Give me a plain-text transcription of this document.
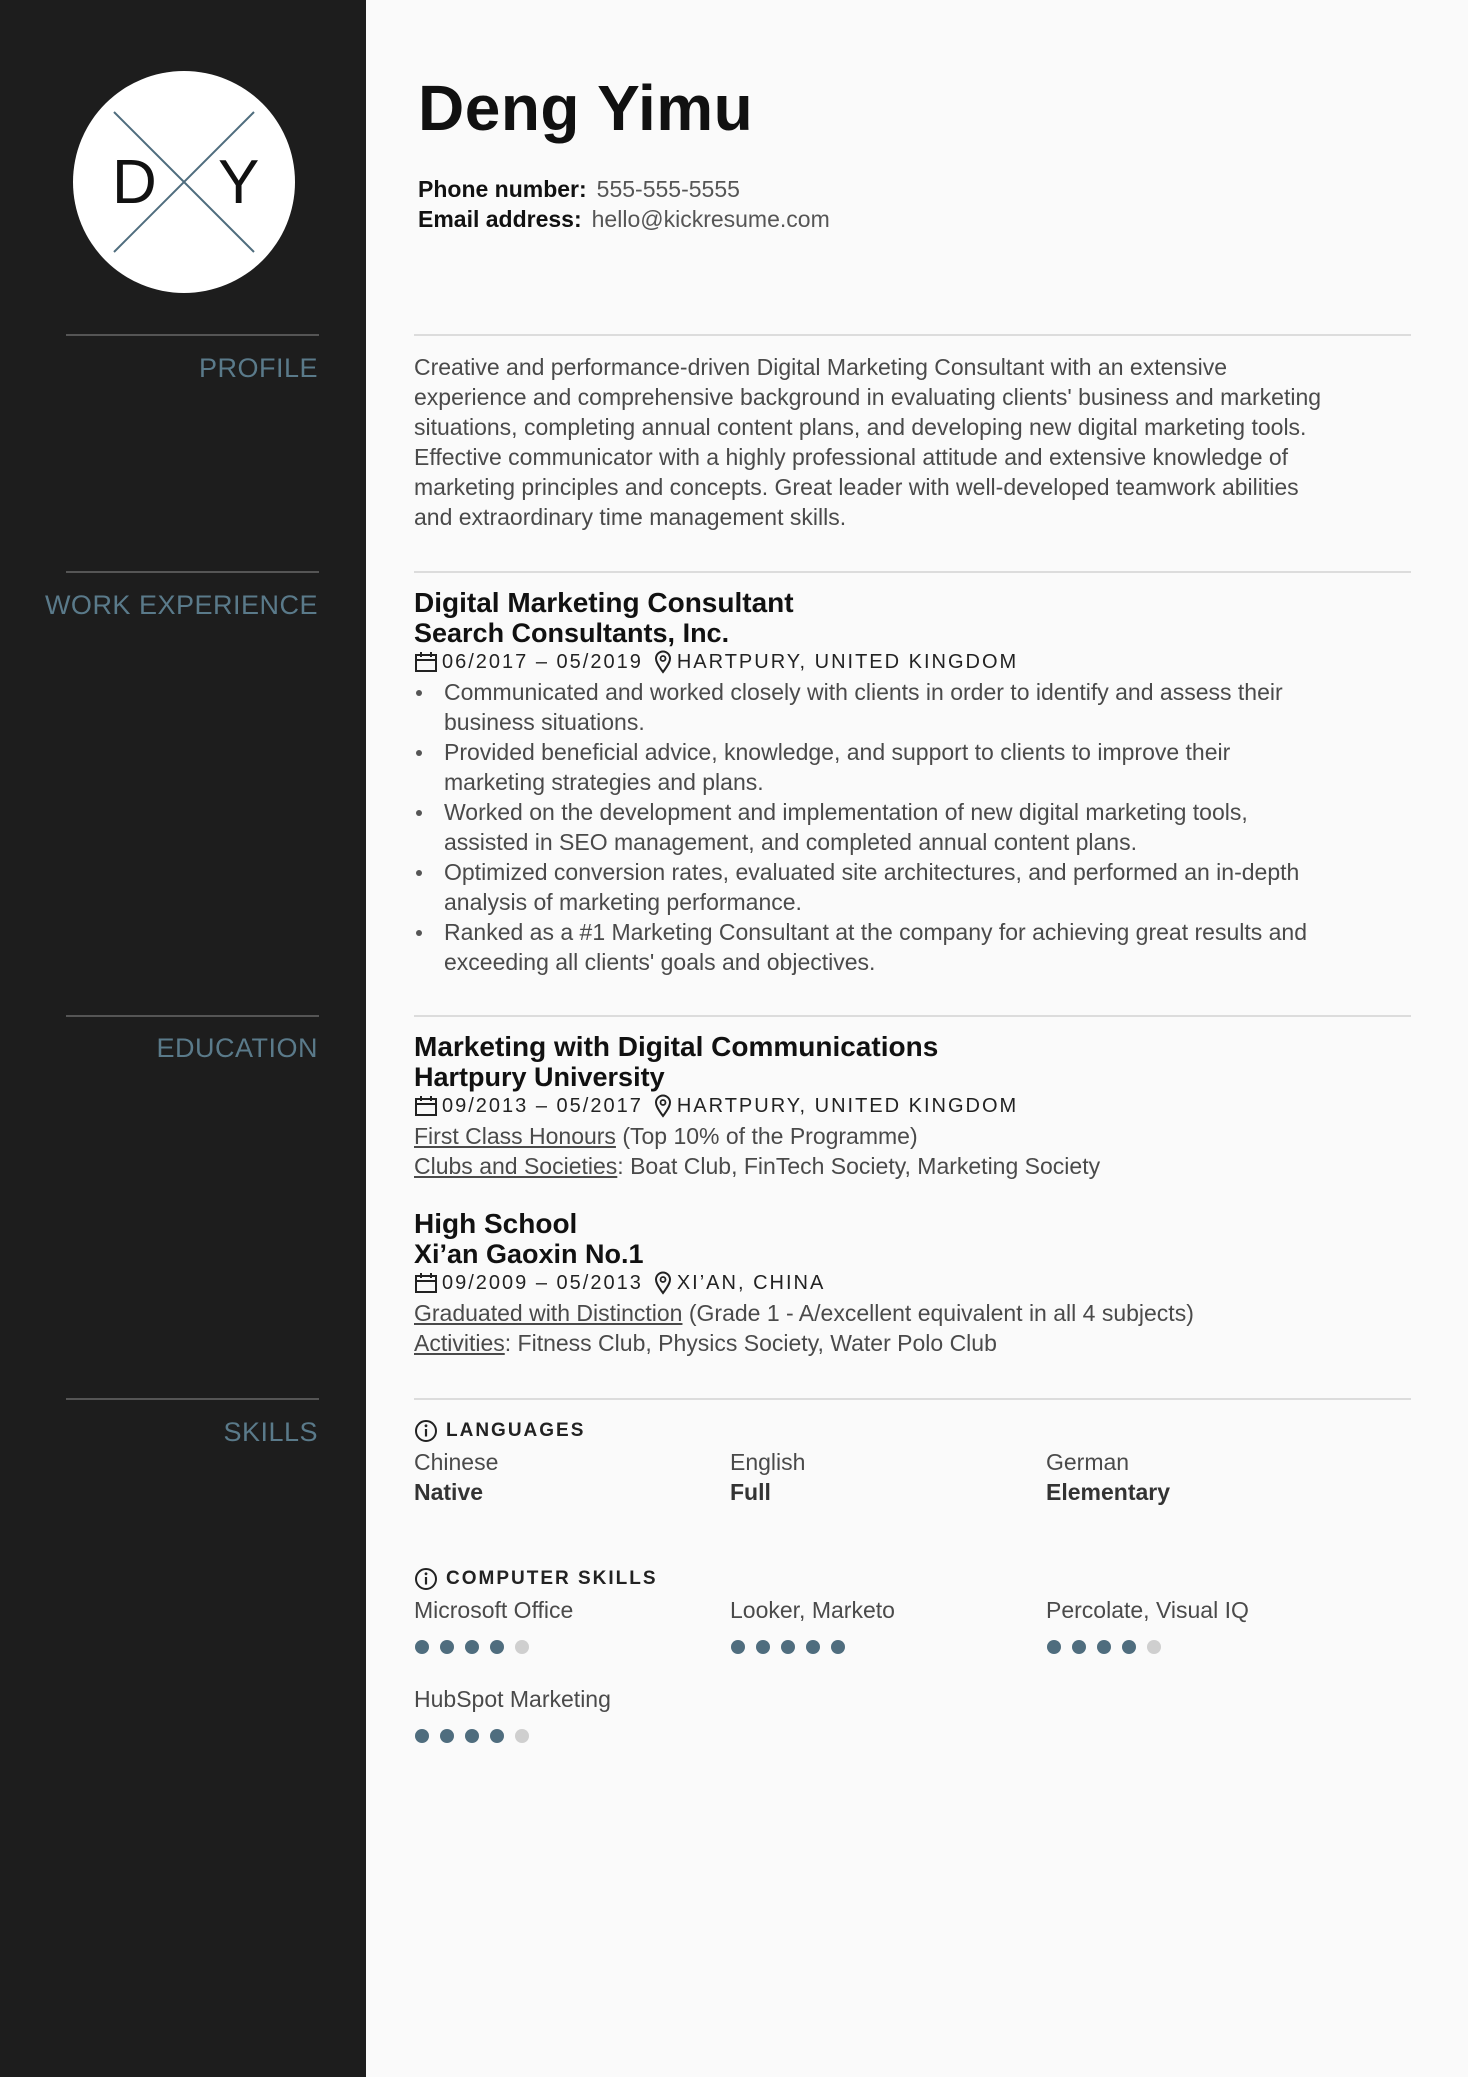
D Y
PROFILE
WORK EXPERIENCE
EDUCATION
SKILLS
Deng Yimu
Phone number: 555-555-5555
Email address: hello@kickresume.com
Creative and performance-driven Digital Marketing Consultant with an extensive
experience and comprehensive background in evaluating clients' business and marketing
situations, completing annual content plans, and developing new digital marketing tools.
Effective communicator with a highly professional attitude and extensive knowledge of
marketing principles and concepts. Great leader with well-developed teamwork abilities
and extraordinary time management skills.
Digital Marketing Consultant
Search Consultants, Inc.
06/2017 – 05/2019 HARTPURY, UNITED KINGDOM
Communicated and worked closely with clients in order to identify and assess their
business situations.
Provided beneficial advice, knowledge, and support to clients to improve their
marketing strategies and plans.
Worked on the development and implementation of new digital marketing tools,
assisted in SEO management, and completed annual content plans.
Optimized conversion rates, evaluated site architectures, and performed an in-depth
analysis of marketing performance.
Ranked as a #1 Marketing Consultant at the company for achieving great results and
exceeding all clients' goals and objectives.
Marketing with Digital Communications
Hartpury University
09/2013 – 05/2017 HARTPURY, UNITED KINGDOM
First Class Honours (Top 10% of the Programme)
Clubs and Societies: Boat Club, FinTech Society, Marketing Society
High School
Xi’an Gaoxin No.1
09/2009 – 05/2013 XI’AN, CHINA
Graduated with Distinction (Grade 1 - A/excellent equivalent in all 4 subjects)
Activities: Fitness Club, Physics Society, Water Polo Club
LANGUAGES
Chinese
Native
English
Full
German
Elementary
COMPUTER SKILLS
Microsoft Office	Looker, Marketo	Percolate, Visual IQ
HubSpot Marketing
